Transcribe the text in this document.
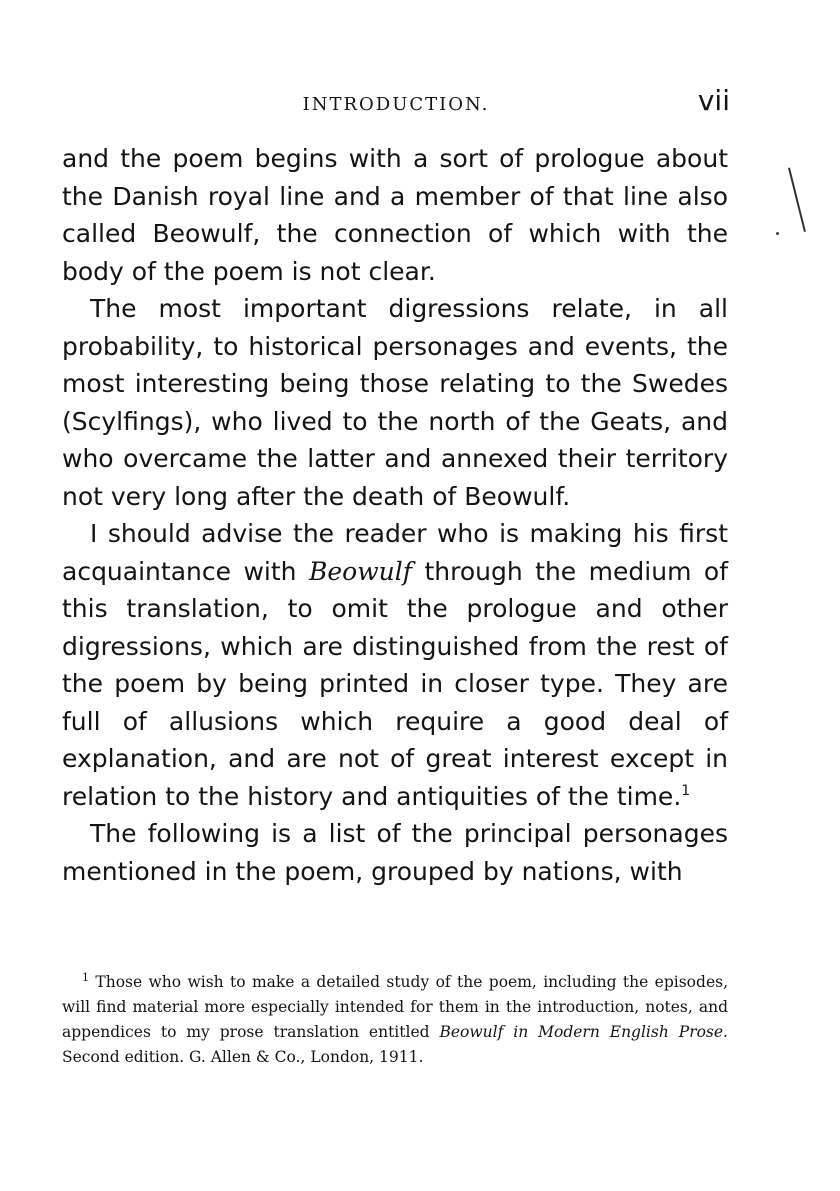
INTRODUCTION.	vii

and the poem begins with a sort of prologue about the Danish royal line and a member of that line also called Beowulf, the connection of which with the body of the poem is not clear.

The most important digressions relate, in all probability, to historical personages and events, the most interesting being those relating to the Swedes (Scylfings), who lived to the north of the Geats, and who overcame the latter and annexed their territory not very long after the death of Beowulf.

I should advise the reader who is making his first acquaintance with Beowulf through the medium of this translation, to omit the prologue and other digressions, which are distinguished from the rest of the poem by being printed in closer type. They are full of allusions which require a good deal of explanation, and are not of great interest except in relation to the history and antiquities of the time.$^1$

The following is a list of the principal personages mentioned in the poem, grouped by nations, with

$^1$ Those who wish to make a detailed study of the poem, including the episodes, will find material more especially intended for them in the introduction, notes, and appendices to my prose translation entitled Beowulf in Modern English Prose. Second edition. G. Allen & Co., London, 1911.
